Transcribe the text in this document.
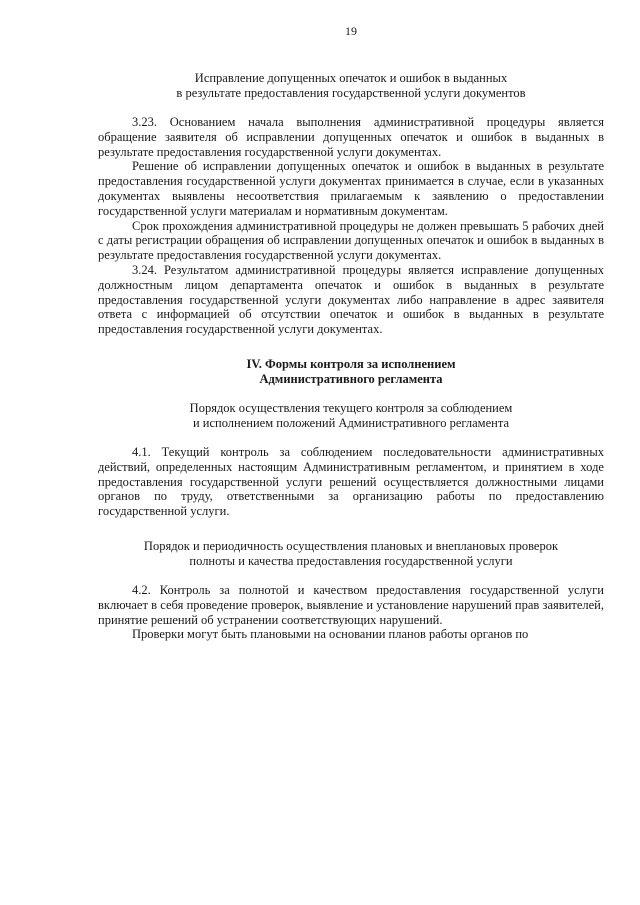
19

Исправление допущенных опечаток и ошибок в выданных

в результате предоставления государственной услуги документов

3.23. Основанием начала выполнения административной процедуры является обращение заявителя об исправлении допущенных опечаток и ошибок в выданных в результате предоставления государственной услуги документах.

Решение об исправлении допущенных опечаток и ошибок в выданных в результате предоставления государственной услуги документах принимается в случае, если в указанных документах выявлены несоответствия прилагаемым к заявлению о предоставлении государственной услуги материалам и нормативным документам.

Срок прохождения административной процедуры не должен превышать 5 рабочих дней с даты регистрации обращения об исправлении допущенных опечаток и ошибок в выданных в результате предоставления государственной услуги документах.

3.24. Результатом административной процедуры является исправление допущенных должностным лицом департамента опечаток и ошибок в выданных в результате предоставления государственной услуги документах либо направление в адрес заявителя ответа с информацией об отсутствии опечаток и ошибок в выданных в результате предоставления государственной услуги документах.

IV. Формы контроля за исполнением

Административного регламента

Порядок осуществления текущего контроля за соблюдением

и исполнением положений Административного регламента

4.1. Текущий контроль за соблюдением последовательности административных действий, определенных настоящим Административным регламентом, и принятием в ходе предоставления государственной услуги решений осуществляется должностными лицами органов по труду, ответственными за организацию работы по предоставлению государственной услуги.

Порядок и периодичность осуществления плановых и внеплановых проверок

полноты и качества предоставления государственной услуги

4.2. Контроль за полнотой и качеством предоставления государственной услуги включает в себя проведение проверок, выявление и установление нарушений прав заявителей, принятие решений об устранении соответствующих нарушений.

Проверки могут быть плановыми на основании планов работы органов по
